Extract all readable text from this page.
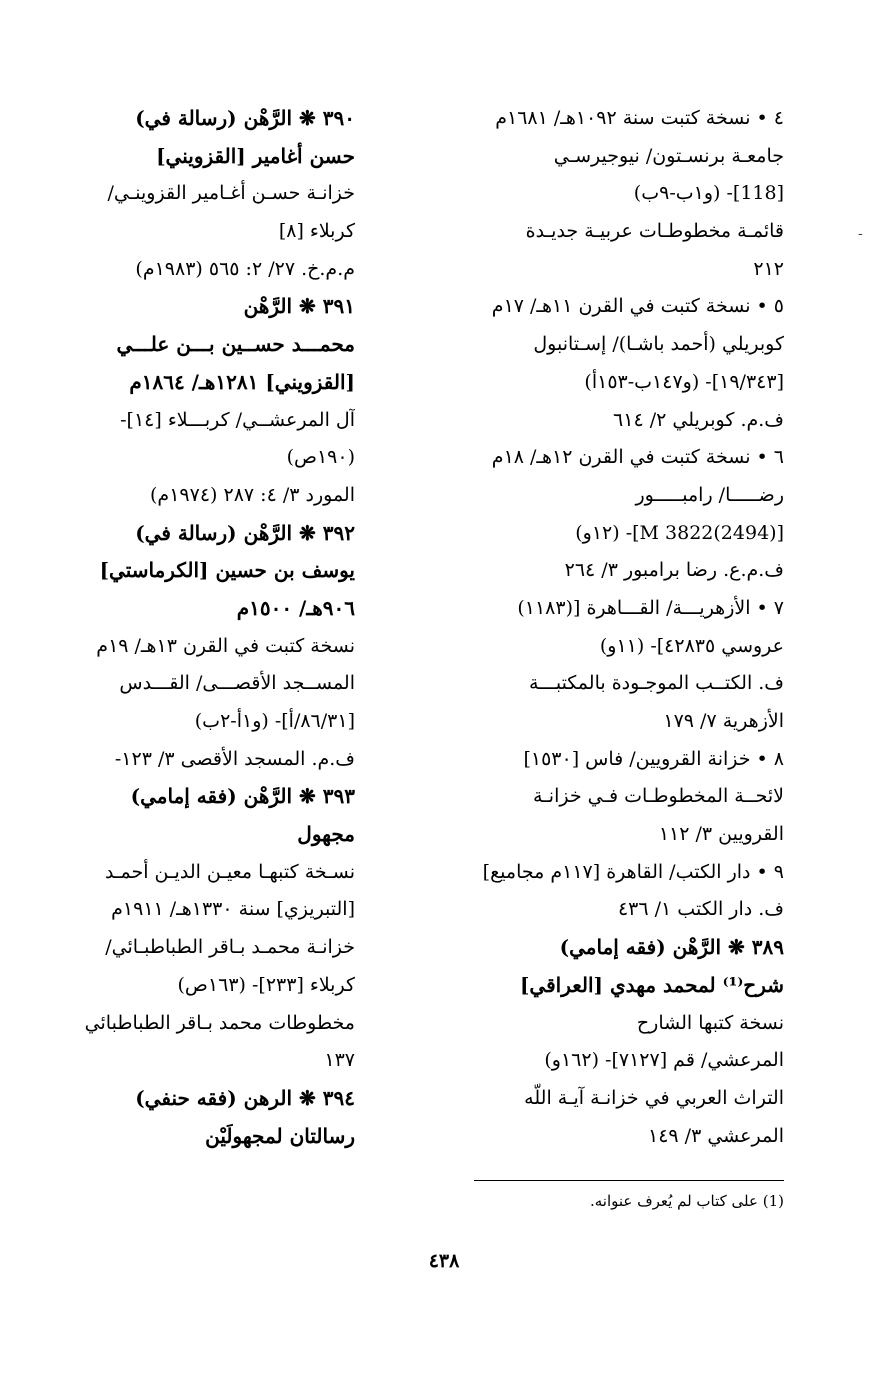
٤ • نسخة كتبت سنة ١٠٩٢هـ/ ١٦٨١م
جامعـة برنسـتون/ نيوجيرسـي
[118]- (و١ب-٩ب)
قائمـة مخطوطـات عربيـة جديـدة
٢١٢
٥ • نسخة كتبت في القرن ١١هـ/ ١٧م
كوبريلي (أحمد باشـا)/ إسـتانبول
[١٩/٣٤٣]- (و١٤٧ب-١٥٣أ)
ف.م. كوبريلي ٢/ ٦١٤
٦ • نسخة كتبت في القرن ١٢هـ/ ١٨م
رضـــــا/ رامبـــــور
[M 3822(2494)]- (١٢و)
ف.م.ع. رضا برامبور ٣/ ٢٦٤
٧ • الأزهريـــة/ القـــاهرة [(١١٨٣)
عروسي ٤٢٨٣٥]- (١١و)
ف. الكتــب الموجـودة بالمكتبـــة
الأزهرية ٧/ ١٧٩
٨ • خزانة القرويين/ فاس [١٥٣٠]
لائحــة المخطوطـات فـي خزانـة
القرويين ٣/ ١١٢
٩ • دار الكتب/ القاهرة [١١٧م مجاميع]
ف. دار الكتب ١/ ٤٣٦
٣٨٩ ❋ الرَّهْن (فقه إمامي)
شرح⁽¹⁾ لمحمد مهدي [العراقي]
نسخة كتبها الشارح
المرعشي/ قم [٧١٢٧]- (١٦٢و)
التراث العربي في خزانـة آيـة اللّه
المرعشي ٣/ ١٤٩
٣٩٠ ❋ الرَّهْن (رسالة في)
حسن أغامير [القزويني]
خزانـة حسـن أغـامير القزوينـي/
كربلاء [٨]
م.م.خ. ٢٧/ ٢: ٥٦٥ (١٩٨٣م)
٣٩١ ❋ الرَّهْن
محمـــد حســين بـــن علـــي
[القزويني] ١٢٨١هـ/ ١٨٦٤م
آل المرعشــي/ كربـــلاء [١٤]-
(١٩٠ص)
المورد ٣/ ٤: ٢٨٧ (١٩٧٤م)
٣٩٢ ❋ الرَّهْن (رسالة في)
يوسف بن حسين [الكرماستي]
٩٠٦هـ/ ١٥٠٠م
نسخة كتبت في القرن ١٣هـ/ ١٩م
المســجد الأقصـــى/ القـــدس
[٨٦/٣١/أ]- (و١أ-٢ب)
ف.م. المسجد الأقصى ٣/ ١٢٣-
٣٩٣ ❋ الرَّهْن (فقه إمامي)
مجهول
نسـخة كتبهـا معيـن الديـن أحمـد
[التبريزي] سنة ١٣٣٠هـ/ ١٩١١م
خزانـة محمـد بـاقر الطباطبـائي/
كربلاء [٢٣٣]- (١٦٣ص)
مخطوطات محمد بـاقر الطباطبائي
١٣٧
٣٩٤ ❋ الرهن (فقه حنفي)
رسالتان لمجهولَيْن
-
(1) على كتاب لم يُعرف عنوانه.
٤٣٨
